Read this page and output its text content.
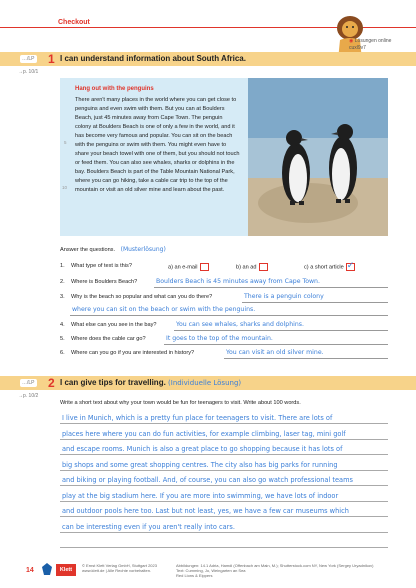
Checkout
◉ Lösungen online
cuxl9v7
…/LP 1 I can understand information about South Africa.
→p. 10/1
Hang out with the penguins
There aren't many places in the world where you can get close to penguins and even swim with them. But you can at Boulders Beach, just 45 minutes away from Cape Town. The penguin colony at Boulders Beach is one of only a few in the world, and it has become very famous and popular. You can sit on the beach with the penguins or swim with them. You might even have to share your beach towel with one of them, but you should not touch or feed them. You can also see whales, sharks or dolphins in the bay. Boulders Beach is part of the Table Mountain National Park, where you can go hiking, take a cable car trip to the top of the mountain or visit an old silver mine and learn about the past.
5
10
Answer the questions. (Musterlösung)
1. What type of text is this?	a) an e-mail	b) an ad	c) a short article ✓
2. Where is Boulders Beach?	Boulders Beach is 45 minutes away from Cape Town.
3. Why is the beach so popular and what can you do there?	There is a penguin colony
where you can sit on the beach or swim with the penguins.
4. What else can you see in the bay?	You can see whales, sharks and dolphins.
5. Where does the cable car go?	It goes to the top of the mountain.
6. Where can you go if you are interested in history?	You can visit an old silver mine.
…/LP 2 I can give tips for travelling. (Individuelle Lösung)
→p. 10/2
Write a short text about why your town would be fun for teenagers to visit. Write about 100 words.
I live in Munich, which is a pretty fun place for teenagers to visit. There are lots of
places here where you can do fun activities, for example climbing, laser tag, mini golf
and escape rooms. Munich is also a great place to go shopping because it has lots of
big shops and some great shopping centres. The city also has big parks for running
and biking or playing football. And, of course, you can also go watch professional teams
play at the big stadium here. If you are more into swimming, we have lots of indoor
and outdoor pools here too. Last but not least, yes, we have a few car museums which
can be interesting even if you aren't really into cars.
14	Klett
© Ernst Klett Verlag GmbH, Stuttgart 2023
www.klett.de | Alle Rechte vorbehalten.
Abbildungen: 14.1 Adria, Hamdi (Offenbach am Main, M.); Shutterstock.com NY, New York (Sergey Uryadnikov)
Text: Cumming, Jo, Weingarten an Sea
Red Lions & Eippers
